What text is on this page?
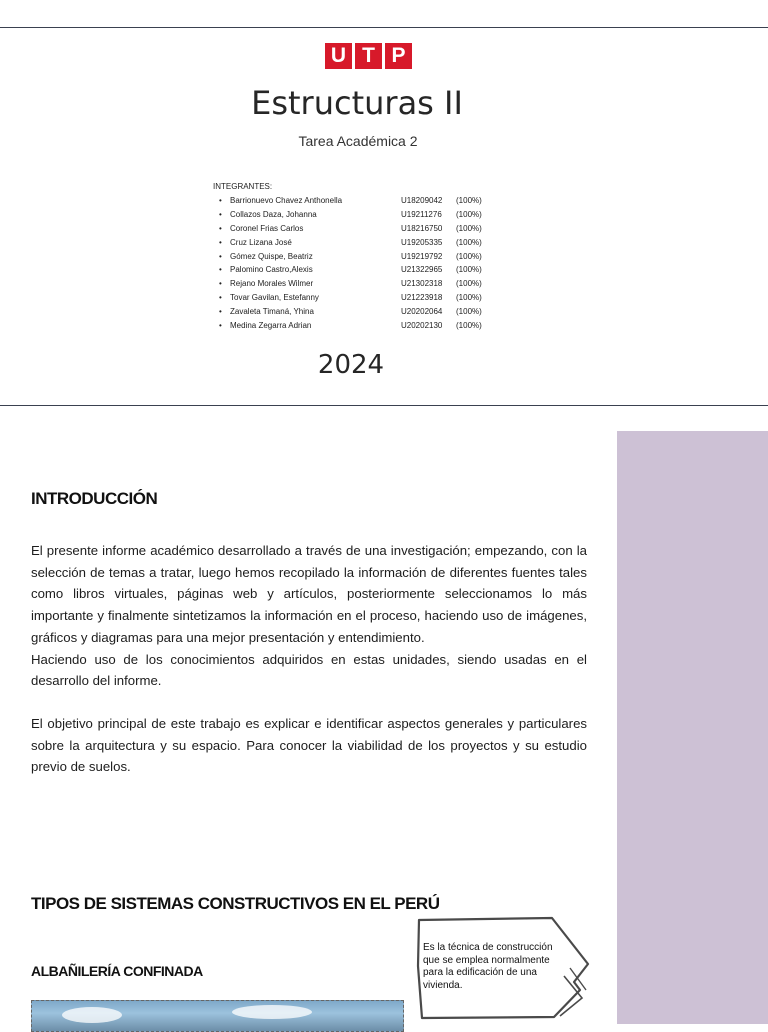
U T P
Estructuras II
Tarea Académica 2
INTEGRANTES:
• Barrionuevo Chavez Anthonella	U18209042 (100%)
• Collazos Daza, Johanna	U19211276 (100%)
• Coronel Frias Carlos	U18216750 (100%)
• Cruz Lizana José	U19205335 (100%)
• Gómez Quispe, Beatriz	U19219792 (100%)
• Palomino Castro,Alexis	U21322965 (100%)
• Rejano Morales Wilmer	U21302318 (100%)
• Tovar Gavilan, Estefanny	U21223918 (100%)
• Zavaleta Timaná, Yhina	U20202064 (100%)
• Medina Zegarra Adrian	U20202130 (100%)
2024
INTRODUCCIÓN

El presente informe académico desarrollado a través de una investigación; empezando, con la selección de temas a tratar, luego hemos recopilado la información de diferentes fuentes tales como libros virtuales, páginas web y artículos, posteriormente seleccionamos lo más importante y finalmente sintetizamos la información en el proceso, haciendo uso de imágenes, gráficos y diagramas para una mejor presentación y entendimiento.

Haciendo uso de los conocimientos adquiridos en estas unidades, siendo usadas en el desarrollo del informe.

El objetivo principal de este trabajo es explicar e identificar aspectos generales y particulares sobre la arquitectura y su espacio. Para conocer la viabilidad de los proyectos y su estudio previo de suelos.

TIPOS DE SISTEMAS CONSTRUCTIVOS EN EL PERÚ
ALBAÑILERÍA CONFINADA
Es la técnica de construcción que se emplea normalmente para la edificación de una vivienda.
